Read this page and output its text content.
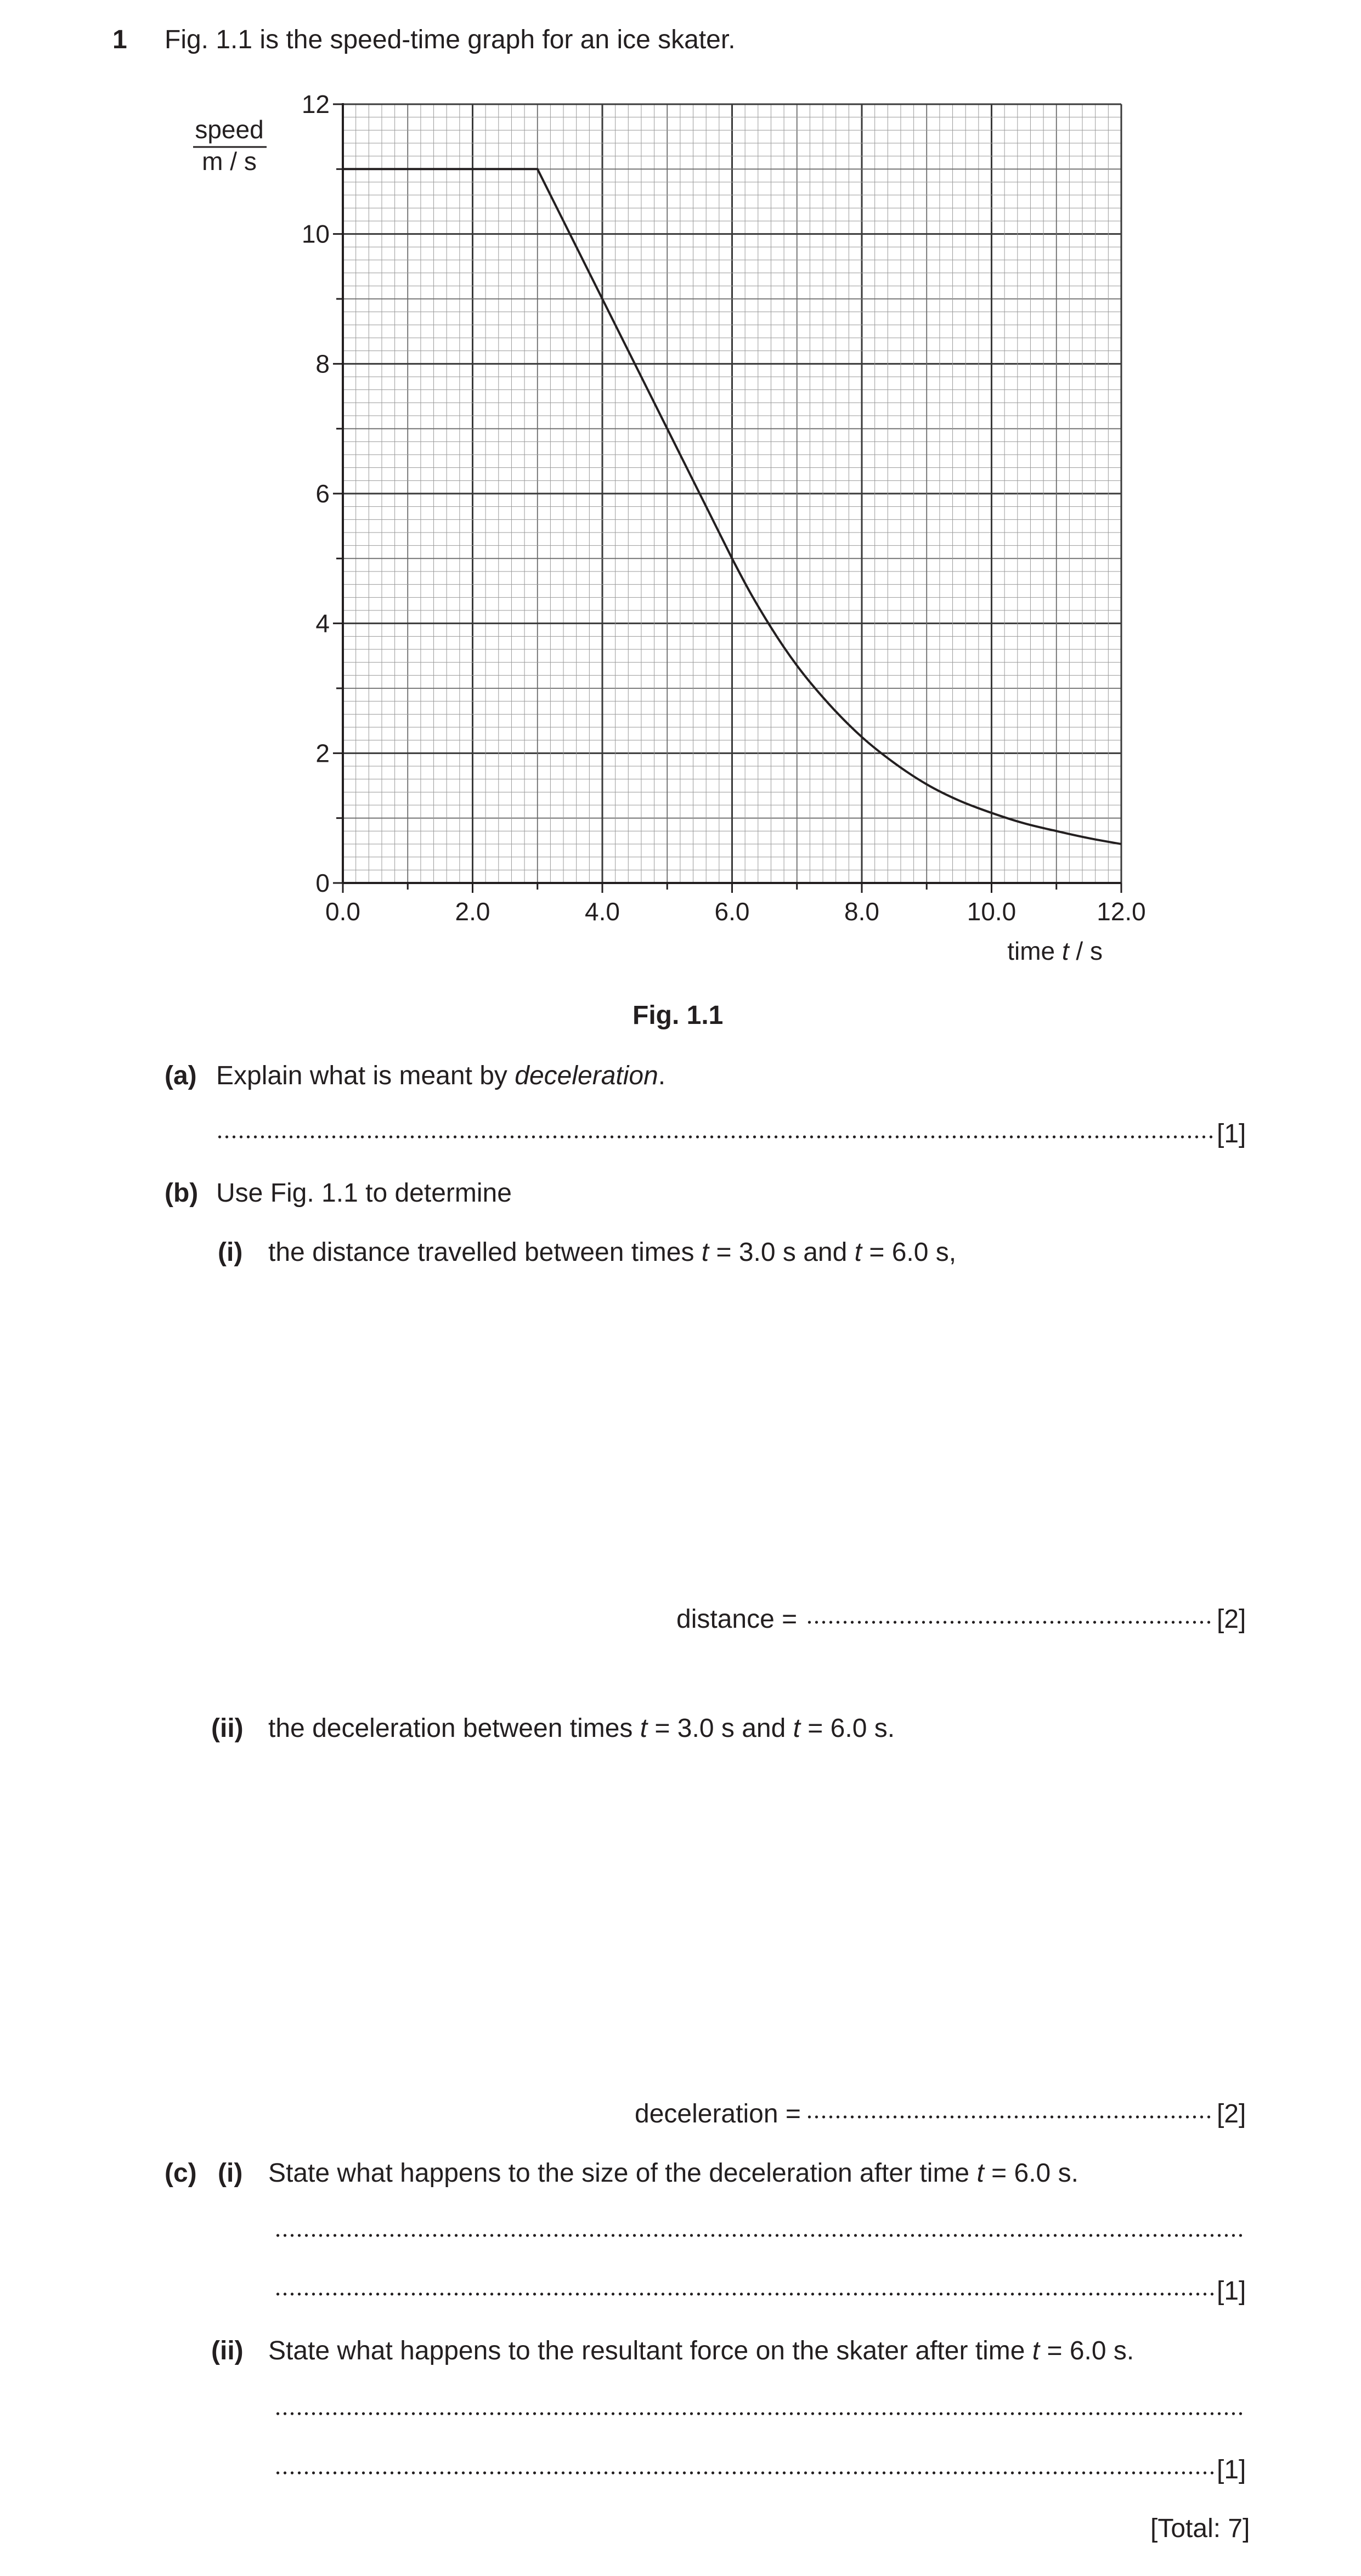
1 Fig. 1.1 is the speed-time graph for an ice skater.
0.0	2.0	4.0	6.0	8.0	10.0	12.0
0
2
4
6
8
10
12
speed
m / s
time t / s
Fig. 1.1
(a) Explain what is meant by deceleration.
[1]
(b) Use Fig. 1.1 to determine
(i) the distance travelled between times t = 3.0 s and t = 6.0 s,
distance =	[2]
(ii) the deceleration between times t = 3.0 s and t = 6.0 s.
deceleration =	[2]
(c) (i) State what happens to the size of the deceleration after time t = 6.0 s.
[1]
(ii) State what happens to the resultant force on the skater after time t = 6.0 s.
[1]
[Total: 7]
